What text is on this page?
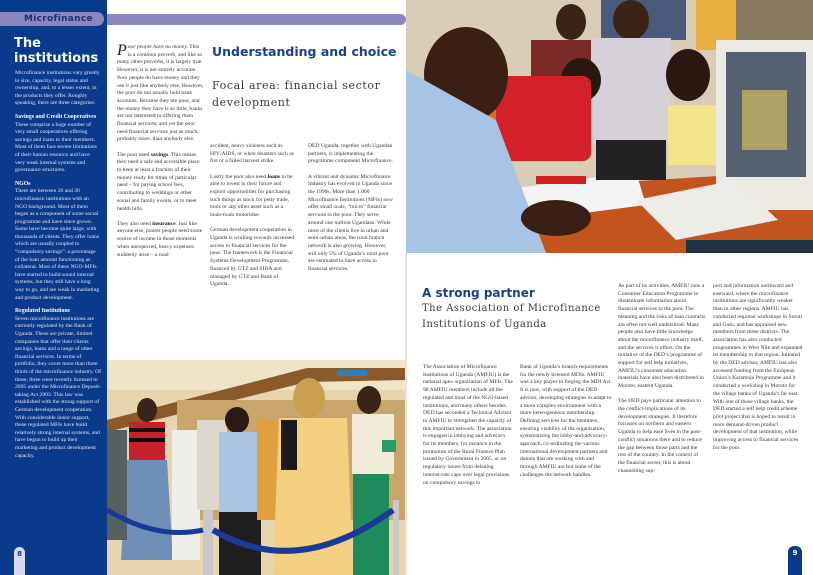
Microfinance
The institutions

Microfinance institutions vary greatly in size, capacity, legal status and ownership, and, to a lesser extent, in the products they offer. Roughly speaking, there are three categories:

Savings and Credit Cooperatives

These comprise a huge number of very small cooperatives offering savings and loans to their members. Most of them face severe limitations of their human resource and have very weak internal systems and governance structures.

NGOs

There are between 20 and 30 microfinance institutions with an NGO background. Most of them began as a component of some social programme and have since grown. Some have become quite large, with thousands of clients. They offer loans which are usually coupled to “compulsory savings”: a percentage of the loan amount functioning as collateral. Most of these NGO-MFIs have started to build sound internal systems, but they still have a long way to go, and are weak in marketing and product development.

Regulated Institutions

Seven microfinance institutions are currently regulated by the Bank of Uganda. These are private, limited companies that offer their clients savings, loans and a range of other financial services. In terms of portfolio, they cover more than three thirds of the microfinance industry. Of these, three were recently licensed in 2005 under the Microfinance Deposit-taking Act 2003. This law was established with the strong support of German development cooperation. With considerable donor support, these regulated MFIs have build relatively strong internal systems, and have begun to build up their marketing and product development capacity.

8

Poor people have no money. This is a common proverb, and like so many other proverbs, it is largely true. However, it is not entirely accurate. Poor people do have money and they use it just like anybody else. However, the poor do not usually hold bank accounts. Because they are poor, and the money they have is so little, banks are not interested in offering them financial services; and yet the poor need financial services just as much, probably more, than anybody else.

The poor need savings. This means they need a safe and accessible place to keep at least a fraction of their money ready for times of particular need – for paying school fees, contributing to weddings or other social and family events, or to meet health bills.

They also need insurance. Just like anyone else, poorer people need some source of income in those moments when unexpected, heavy expenses suddenly arise – a road

Understanding and choice
Focal area: financial sector development

accident, heavy sickness such as HIV/AIDS, or when disasters such as fire or a failed harvest strike.

Lastly the poor also need loans to be able to invest in their future and exploit opportunities for purchasing such things as stock for petty trade, tools or any other asset such as a boda-boda motorbike.

German development cooperation in Uganda is working towards increased access to financial services for the poor. The framework is the Financial Systems Development Programme, financed by GTZ and SIDA and managed by GTZ and Bank of Uganda.

DED Uganda, together with Ugandan partners, is implementing the programme component Microfinance.

A vibrant and dynamic Microfinance Industry has evolved in Uganda since the 1990s. More than 1.000 Microfinance Institutions (MFIs) now offer small scale, “micro” financial services to the poor. They serve around one million Ugandans. While most of the clients live in urban and semi-urban areas, the rural branch network is also growing. However, still only 5% of Uganda’s rural poor are estimated to have access to financial services.

A strong partner
The Association of Microfinance Institutions of Uganda

The Association of Microfinance Institutions of Uganda (AMFIU) is the national apex organisation of MFIs. The 98 AMFIU members include all the regulated and most of the NGO-based institutions, and many others besides. DED has seconded a Technical Advisor to AMFIU to strengthen the capacity of this important network. The association is engaged in lobbying and advocacy for its members, for instance in the promotion of the Rural Finance Plan issued by Government in 2005, or on regulatory issues from debating interest-rate caps over legal provisions on compulsory savings to

Bank of Uganda’s branch-requirements for the newly licensed MDIs. AMFIU was a key player in forging the MDI Act. It is now, with support of the DED advisor, developing strategies to adapt to a more complex environment with a more heterogeneous membership. Defining services for the members, ensuring visibility of the organisation, systematising the lobby-and-advocacy-approach, co-ordinating the various international development partners and donors that are working with and through AMFIU are but some of the challenges the network handles.

As part of its activities, AMFIU runs a Consumer Education Programme to disseminate information about financial services to the poor. The meaning and the risks of loan contracts are often not well understood. Many people also have little knowledge about the microfinance industry itself, and the services it offers. On the initiative of the DED’s programme of support for self help initiatives, AMFIU’s consumer education materials have also been distributed in Moroto, eastern Uganda.

The DED pays particular attention to the conflict-implications of its development strategies. It therefore focusses on northern and eastern Uganda to help ease lives in the post-conflict situations there and to reduce the gap between those parts and the rest of the country. In the context of the financial sector, this is about channelling sup-

port and information northward and eastward, where the microfinance institutions are significantly weaker than in other regions. AMFIU has conducted regional workshops in Soroti and Gulu, and has appraised new members from these districts. The association has also conducted programmes in West Nile and expanded its membership to that region. Initiated by the DED advisor, AMFIU has also accessed funding from the European Union’s Karamoja Programme and it conducted a workshop in Moroto for the village banks of Uganda’s far east. With one of those village banks, the DED started a self help credit scheme pilot project that is hoped to result in more demand-driven product development of that institution, while improving access to financial services for the poor.

9
